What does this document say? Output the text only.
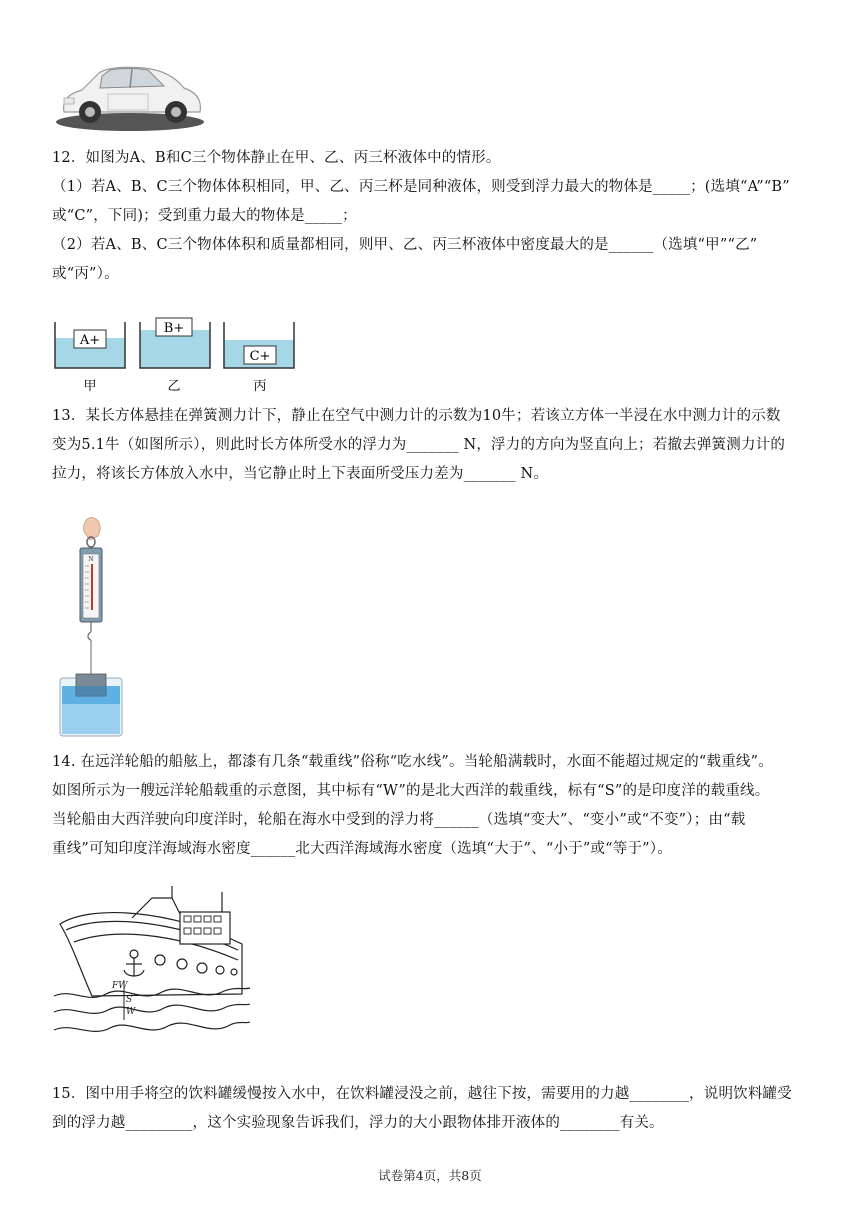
12．如图为A、B和C三个物体静止在甲、乙、丙三杯液体中的情形。

（1）若A、B、C三个物体体积相同，甲、乙、丙三杯是同种液体，则受到浮力最大的物体是_____；(选填“A”“B”

或“C”，下同)；受到重力最大的物体是_____；

（2）若A、B、C三个物体体积和质量都相同，则甲、乙、丙三杯液体中密度最大的是______（选填“甲”“乙”

或“丙”）。

A+
甲
B+
乙
C+
丙

13．某长方体悬挂在弹簧测力计下，静止在空气中测力计的示数为10牛；若该立方体一半浸在水中测力计的示数

变为5.1牛（如图所示），则此时长方体所受水的浮力为_______ N，浮力的方向为竖直向上；若撤去弹簧测力计的

拉力，将该长方体放入水中，当它静止时上下表面所受压力差为_______ N。

N

14. 在远洋轮船的船舷上，都漆有几条“载重线”俗称“吃水线”。当轮船满载时，水面不能超过规定的“载重线”。

如图所示为一艘远洋轮船载重的示意图，其中标有“W”的是北大西洋的载重线，标有“S”的是印度洋的载重线。

当轮船由大西洋驶向印度洋时，轮船在海水中受到的浮力将______（选填“变大”、“变小”或“不变”）；由“载

重线”可知印度洋海域海水密度______北大西洋海域海水密度（选填“大于”、“小于”或“等于”）。

FW
S
W

15．图中用手将空的饮料罐缓慢按入水中，在饮料罐浸没之前，越往下按，需要用的力越________，说明饮料罐受

到的浮力越_________，这个实验现象告诉我们，浮力的大小跟物体排开液体的________有关。

试卷第4页，共8页
